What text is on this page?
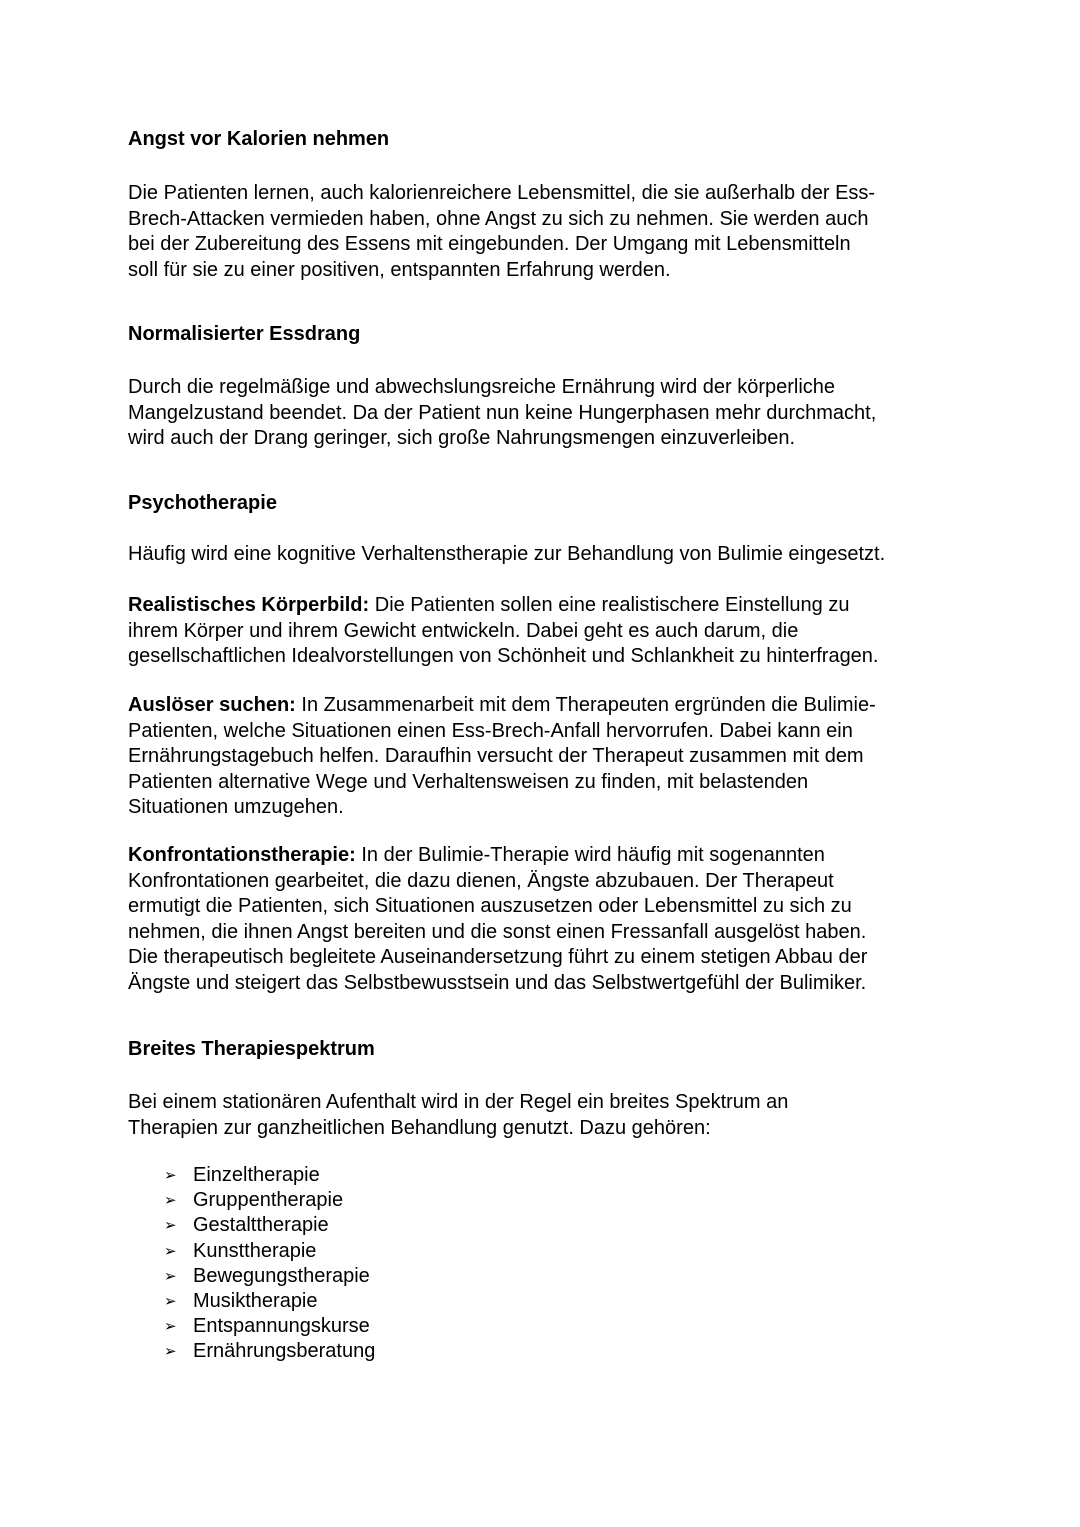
Angst vor Kalorien nehmen

Die Patienten lernen, auch kalorienreichere Lebensmittel, die sie außerhalb der Ess-
Brech-Attacken vermieden haben, ohne Angst zu sich zu nehmen. Sie werden auch
bei der Zubereitung des Essens mit eingebunden. Der Umgang mit Lebensmitteln
soll für sie zu einer positiven, entspannten Erfahrung werden.

Normalisierter Essdrang

Durch die regelmäßige und abwechslungsreiche Ernährung wird der körperliche
Mangelzustand beendet. Da der Patient nun keine Hungerphasen mehr durchmacht,
wird auch der Drang geringer, sich große Nahrungsmengen einzuverleiben.

Psychotherapie

Häufig wird eine kognitive Verhaltenstherapie zur Behandlung von Bulimie eingesetzt.

Realistisches Körperbild: Die Patienten sollen eine realistischere Einstellung zu
ihrem Körper und ihrem Gewicht entwickeln. Dabei geht es auch darum, die
gesellschaftlichen Idealvorstellungen von Schönheit und Schlankheit zu hinterfragen.

Auslöser suchen: In Zusammenarbeit mit dem Therapeuten ergründen die Bulimie-
Patienten, welche Situationen einen Ess-Brech-Anfall hervorrufen. Dabei kann ein
Ernährungstagebuch helfen. Daraufhin versucht der Therapeut zusammen mit dem
Patienten alternative Wege und Verhaltensweisen zu finden, mit belastenden
Situationen umzugehen.

Konfrontationstherapie: In der Bulimie-Therapie wird häufig mit sogenannten
Konfrontationen gearbeitet, die dazu dienen, Ängste abzubauen. Der Therapeut
ermutigt die Patienten, sich Situationen auszusetzen oder Lebensmittel zu sich zu
nehmen, die ihnen Angst bereiten und die sonst einen Fressanfall ausgelöst haben.
Die therapeutisch begleitete Auseinandersetzung führt zu einem stetigen Abbau der
Ängste und steigert das Selbstbewusstsein und das Selbstwertgefühl der Bulimiker.

Breites Therapiespektrum

Bei einem stationären Aufenthalt wird in der Regel ein breites Spektrum an
Therapien zur ganzheitlichen Behandlung genutzt. Dazu gehören:

➢ Einzeltherapie
➢ Gruppentherapie
➢ Gestalttherapie
➢ Kunsttherapie
➢ Bewegungstherapie
➢ Musiktherapie
➢ Entspannungskurse
➢ Ernährungsberatung
